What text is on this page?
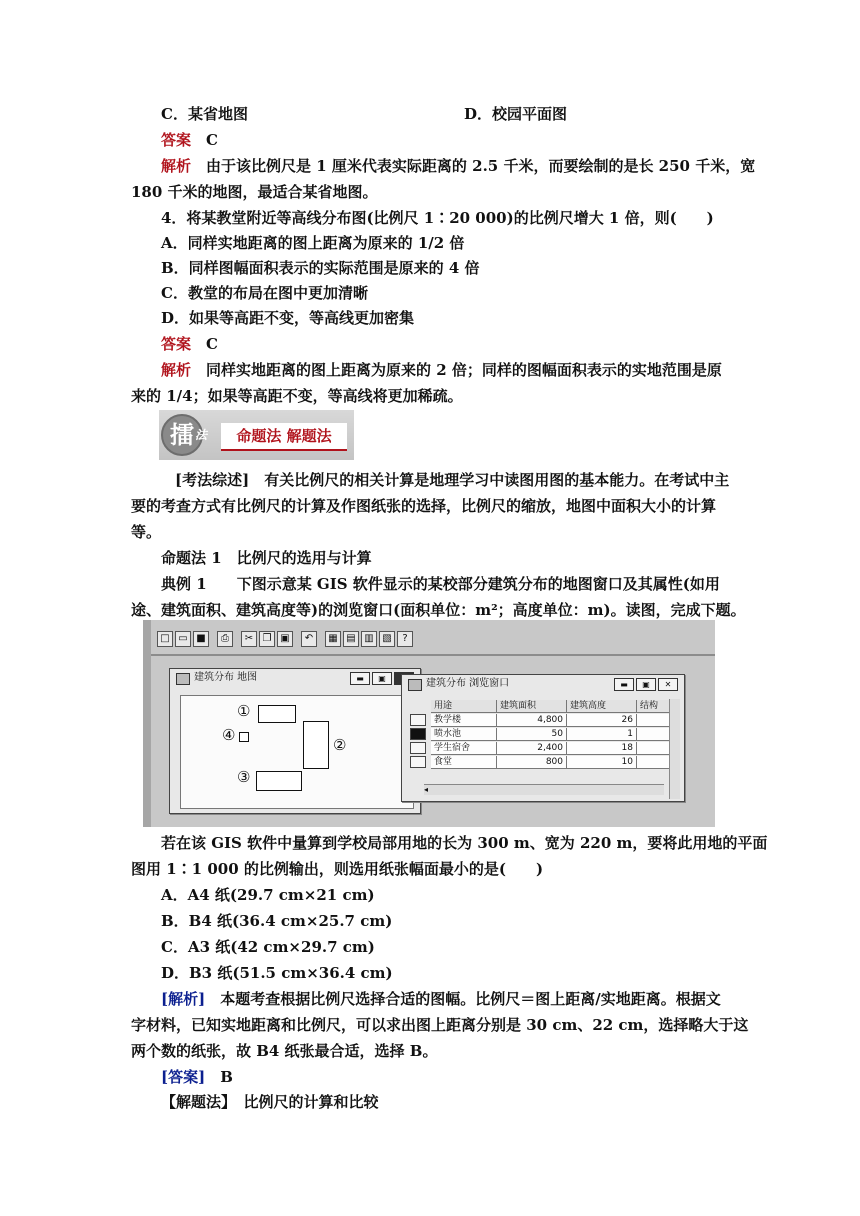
C．某省地图	D．校园平面图
答案　 C
解析　 由于该比例尺是 1 厘米代表实际距离的 2.5 千米，而要绘制的是长 250 千米，宽
180 千米的地图，最适合某省地图。
4．将某教堂附近等高线分布图(比例尺 1∶20 000)的比例尺增大 1 倍，则(　　)
A．同样实地距离的图上距离为原来的 1/2 倍
B．同样图幅面积表示的实际范围是原来的 4 倍
C．教堂的布局在图中更加清晰
D．如果等高距不变，等高线更加密集
答案　 C
解析　 同样实地距离的图上距离为原来的 2 倍；同样的图幅面积表示的实地范围是原
来的 1/4；如果等高距不变，等高线将更加稀疏。
擂 法	命题法 解题法
[考法综述]　 有关比例尺的相关计算是地理学习中读图用图的基本能力。在考试中主
要的考查方式有比例尺的计算及作图纸张的选择，比例尺的缩放，地图中面积大小的计算
等。
命题法 1　比例尺的选用与计算
典例 1　　 下图示意某 GIS 软件显示的某校部分建筑分布的地图窗口及其属性(如用
途、建筑面积、建筑高度等)的浏览窗口(面积单位：m²；高度单位：m)。读图，完成下题。
□ ▭ ■	⎙	✂ ❐ ▣	↶	▦ ▤ ▥ ▧	?
建筑分布 地图	▬	▣
①
②
③
④
建筑分布 浏览窗口	▬	▣	✕
用途	建筑面积	建筑高度	结构
教学楼	4,800	26
喷水池	50	1
学生宿舍	2,400	18
食堂	800	10
◂
若在该 GIS 软件中量算到学校局部用地的长为 300 m、宽为 220 m，要将此用地的平面
图用 1∶1 000 的比例输出，则选用纸张幅面最小的是(　　)
A．A4 纸(29.7 cm×21 cm)
B．B4 纸(36.4 cm×25.7 cm)
C．A3 纸(42 cm×29.7 cm)
D．B3 纸(51.5 cm×36.4 cm)
[解析]　 本题考查根据比例尺选择合适的图幅。比例尺＝图上距离/实地距离。根据文
字材料，已知实地距离和比例尺，可以求出图上距离分别是 30 cm、22 cm，选择略大于这
两个数的纸张，故 B4 纸张最合适，选择 B。
[答案]　 B
【解题法】　 比例尺的计算和比较
